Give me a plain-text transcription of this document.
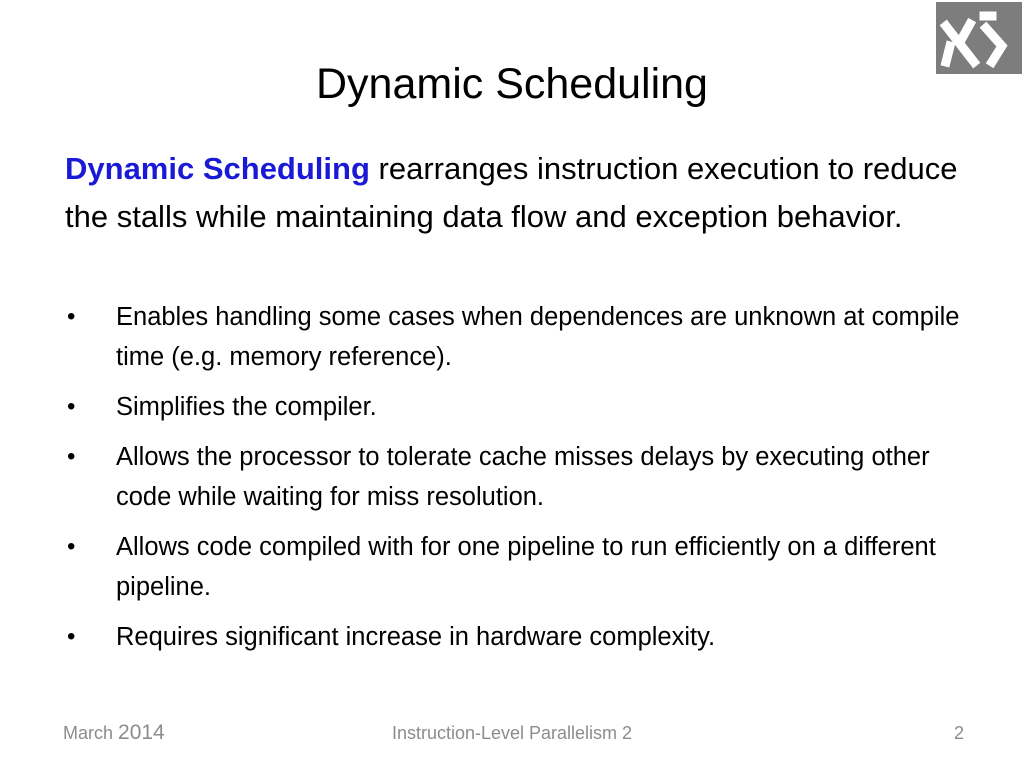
Dynamic Scheduling
Dynamic Scheduling rearranges instruction execution to reduce the stalls while maintaining data flow and exception behavior.
• Enables handling some cases when dependences are unknown at compile time (e.g. memory reference).
• Simplifies the compiler.
• Allows the processor to tolerate cache misses delays by executing other code while waiting for miss resolution.
• Allows code compiled with for one pipeline to run efficiently on a different pipeline.
• Requires significant increase in hardware complexity.
March 2014	Instruction-Level Parallelism 2	2
